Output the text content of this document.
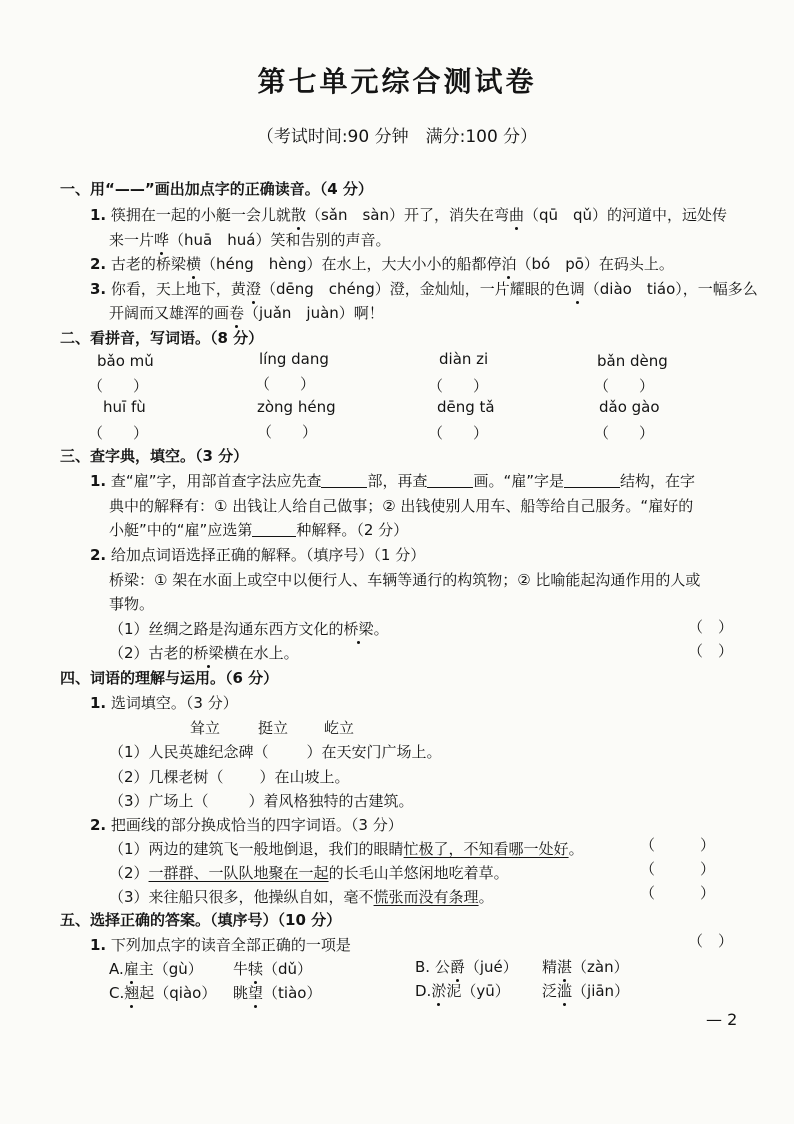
第七单元综合测试卷
（考试时间:90 分钟　满分:100 分）
一、用“——”画出加点字的正确读音。（4 分）
1. 筷拥在一起的小艇一会儿就散（sǎn　sàn）开了，消失在弯曲（qū　qǔ）的河道中，远处传
来一片哗（huā　huá）笑和告别的声音。
2. 古老的桥梁横（héng　hèng）在水上，大大小小的船都停泊（bó　pō）在码头上。
3. 你看，天上地下，黄澄（dēng　chéng）澄，金灿灿，一片耀眼的色调（diào　tiáo），一幅多么
开阔而又雄浑的画卷（juǎn　juàn）啊！
二、看拼音，写词语。（8 分）
bǎo mǔ	líng dang	diàn zi	bǎn dèng
（　　）	（　　）	（　　）	（　　）
huī fù	zòng héng	dēng tǎ	dǎo gào
（　　）	（　　）	（　　）	（　　）
三、查字典，填空。（3 分）
1. 查“雇”字，用部首查字法应先查	部，再查	画。“雇”字是	结构，在字
典中的解释有：① 出钱让人给自己做事；② 出钱使别人用车、船等给自己服务。“雇好的
小艇”中的“雇”应选第	种解释。（2 分）
2. 给加点词语选择正确的解释。（填序号）（1 分）
桥梁：① 架在水面上或空中以便行人、车辆等通行的构筑物；② 比喻能起沟通作用的人或
事物。
（1）丝绸之路是沟通东西方文化的桥梁。	（　）
（2）古老的桥梁横在水上。	（　）
四、词语的理解与运用。（6 分）
1. 选词填空。（3 分）
耸立	挺立 屹立
（1）人民英雄纪念碑（	）在天安门广场上。
（2）几棵老树（ ）在山坡上。
（3）广场上（	）着风格独特的古建筑。
2. 把画线的部分换成恰当的四字词语。（3 分）
（1）两边的建筑飞一般地倒退，我们的眼睛忙极了，不知看哪一处好。	（　　　）
（2）一群群、一队队地聚在一起的长毛山羊悠闲地吃着草。	（　　　）
（3）来往船只很多，他操纵自如，毫不慌张而没有条理。	（　　　）
五、选择正确的答案。（填序号）（10 分）
1. 下列加点字的读音全部正确的一项是	（　）
A.雇主（gù） 牛犊（dǔ）	B. 公爵（jué） 精湛（zàn）
C.翘起（qiào） 眺望（tiào）	D.淤泥（yū） 泛滥（jiān）
— 2
